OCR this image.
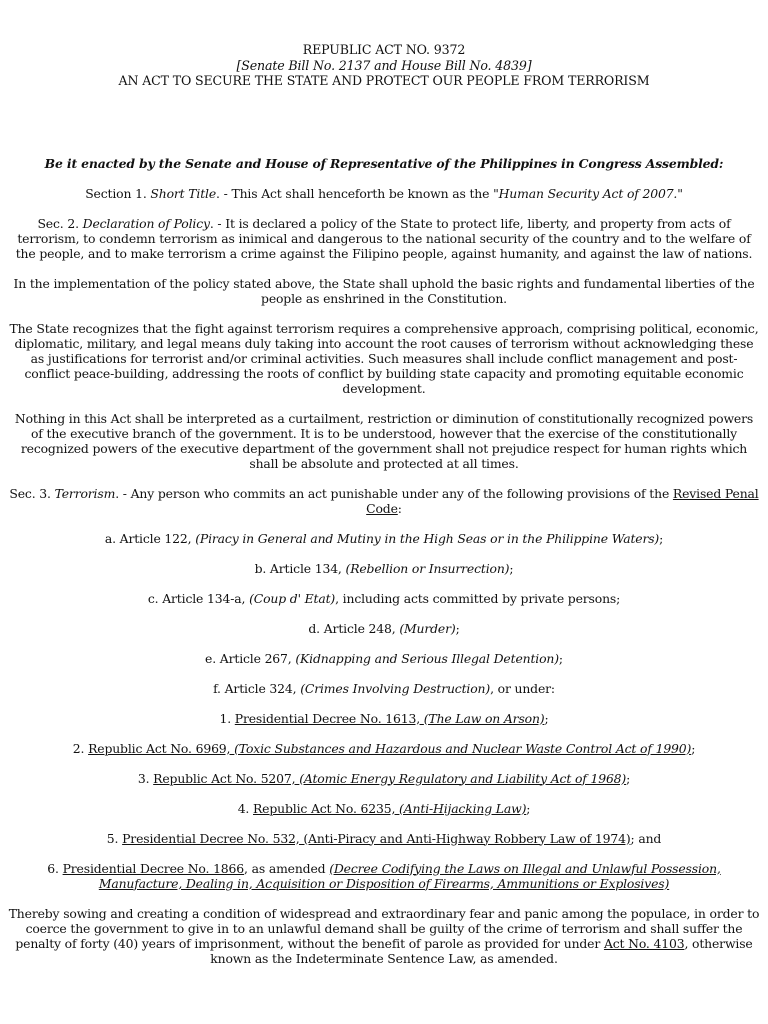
REPUBLIC ACT NO. 9372

[Senate Bill No. 2137 and House Bill No. 4839]

AN ACT TO SECURE THE STATE AND PROTECT OUR PEOPLE FROM TERRORISM

Be it enacted by the Senate and House of Representative of the Philippines in Congress Assembled:

Section 1. Short Title. - This Act shall henceforth be known as the "Human Security Act of 2007."

Sec. 2. Declaration of Policy. - It is declared a policy of the State to protect life, liberty, and property from acts of terrorism, to condemn terrorism as inimical and dangerous to the national security of the country and to the welfare of the people, and to make terrorism a crime against the Filipino people, against humanity, and against the law of nations.

In the implementation of the policy stated above, the State shall uphold the basic rights and fundamental liberties of the people as enshrined in the Constitution.

The State recognizes that the fight against terrorism requires a comprehensive approach, comprising political, economic, diplomatic, military, and legal means duly taking into account the root causes of terrorism without acknowledging these as justifications for terrorist and/or criminal activities. Such measures shall include conflict management and post-conflict peace-building, addressing the roots of conflict by building state capacity and promoting equitable economic development.

Nothing in this Act shall be interpreted as a curtailment, restriction or diminution of constitutionally recognized powers of the executive branch of the government. It is to be understood, however that the exercise of the constitutionally recognized powers of the executive department of the government shall not prejudice respect for human rights which shall be absolute and protected at all times.

Sec. 3. Terrorism. - Any person who commits an act punishable under any of the following provisions of the Revised Penal Code:

a. Article 122, (Piracy in General and Mutiny in the High Seas or in the Philippine Waters);

b. Article 134, (Rebellion or Insurrection);

c. Article 134-a, (Coup d' Etat), including acts committed by private persons;

d. Article 248, (Murder);

e. Article 267, (Kidnapping and Serious Illegal Detention);

f. Article 324, (Crimes Involving Destruction), or under:

1. Presidential Decree No. 1613, (The Law on Arson);

2. Republic Act No. 6969, (Toxic Substances and Hazardous and Nuclear Waste Control Act of 1990);

3. Republic Act No. 5207, (Atomic Energy Regulatory and Liability Act of 1968);

4. Republic Act No. 6235, (Anti-Hijacking Law);

5. Presidential Decree No. 532, (Anti-Piracy and Anti-Highway Robbery Law of 1974); and

6. Presidential Decree No. 1866, as amended (Decree Codifying the Laws on Illegal and Unlawful Possession, Manufacture, Dealing in, Acquisition or Disposition of Firearms, Ammunitions or Explosives)

Thereby sowing and creating a condition of widespread and extraordinary fear and panic among the populace, in order to coerce the government to give in to an unlawful demand shall be guilty of the crime of terrorism and shall suffer the penalty of forty (40) years of imprisonment, without the benefit of parole as provided for under Act No. 4103, otherwise known as the Indeterminate Sentence Law, as amended.
